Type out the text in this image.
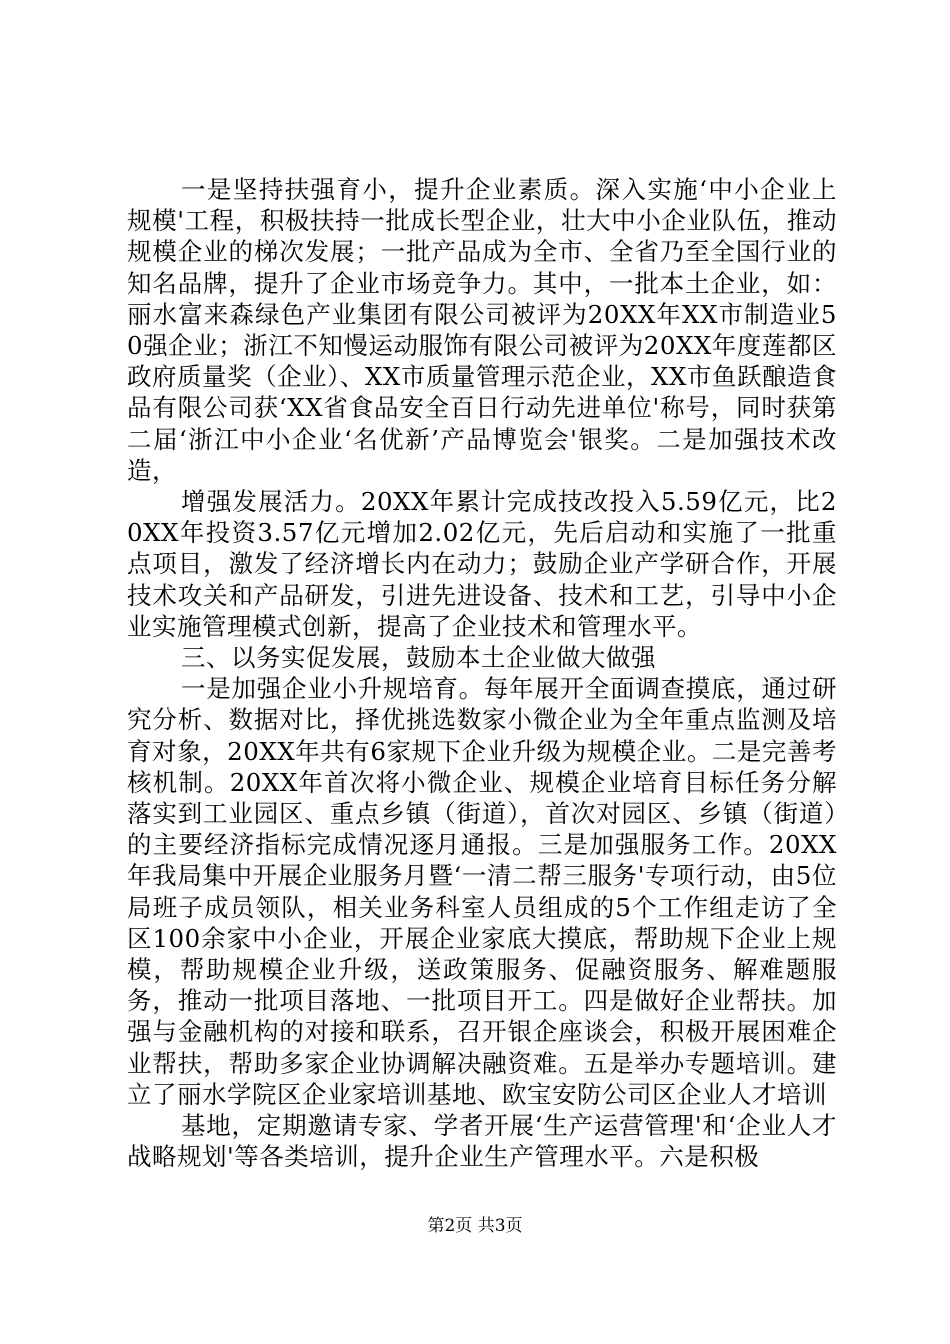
一是坚持扶强育小，提升企业素质。深入实施‘中小企业上规模'工程，积极扶持一批成长型企业，壮大中小企业队伍，推动规模企业的梯次发展；一批产品成为全市、全省乃至全国行业的知名品牌，提升了企业市场竞争力。其中，一批本土企业，如：丽水富来森绿色产业集团有限公司被评为20XX年XX市制造业50强企业；浙江不知慢运动服饰有限公司被评为20XX年度莲都区政府质量奖（企业）、XX市质量管理示范企业，XX市鱼跃酿造食品有限公司获‘XX省食品安全百日行动先进单位'称号，同时获第二届‘浙江中小企业‘名优新’产品博览会'银奖。二是加强技术改造，

增强发展活力。20XX年累计完成技改投入5.59亿元，比20XX年投资3.57亿元增加2.02亿元，先后启动和实施了一批重点项目，激发了经济增长内在动力；鼓励企业产学研合作，开展技术攻关和产品研发，引进先进设备、技术和工艺，引导中小企业实施管理模式创新，提高了企业技术和管理水平。

三、以务实促发展，鼓励本土企业做大做强

一是加强企业小升规培育。每年展开全面调查摸底，通过研究分析、数据对比，择优挑选数家小微企业为全年重点监测及培育对象，20XX年共有6家规下企业升级为规模企业。二是完善考核机制。20XX年首次将小微企业、规模企业培育目标任务分解落实到工业园区、重点乡镇（街道），首次对园区、乡镇（街道）的主要经济指标完成情况逐月通报。三是加强服务工作。20XX年我局集中开展企业服务月暨‘一清二帮三服务'专项行动，由5位局班子成员领队，相关业务科室人员组成的5个工作组走访了全区100余家中小企业，开展企业家底大摸底，帮助规下企业上规模，帮助规模企业升级，送政策服务、促融资服务、解难题服务，推动一批项目落地、一批项目开工。四是做好企业帮扶。加强与金融机构的对接和联系，召开银企座谈会，积极开展困难企业帮扶，帮助多家企业协调解决融资难。五是举办专题培训。建立了丽水学院区企业家培训基地、欧宝安防公司区企业人才培训

基地，定期邀请专家、学者开展‘生产运营管理'和‘企业人才战略规划'等各类培训，提升企业生产管理水平。六是积极

第2页 共3页
